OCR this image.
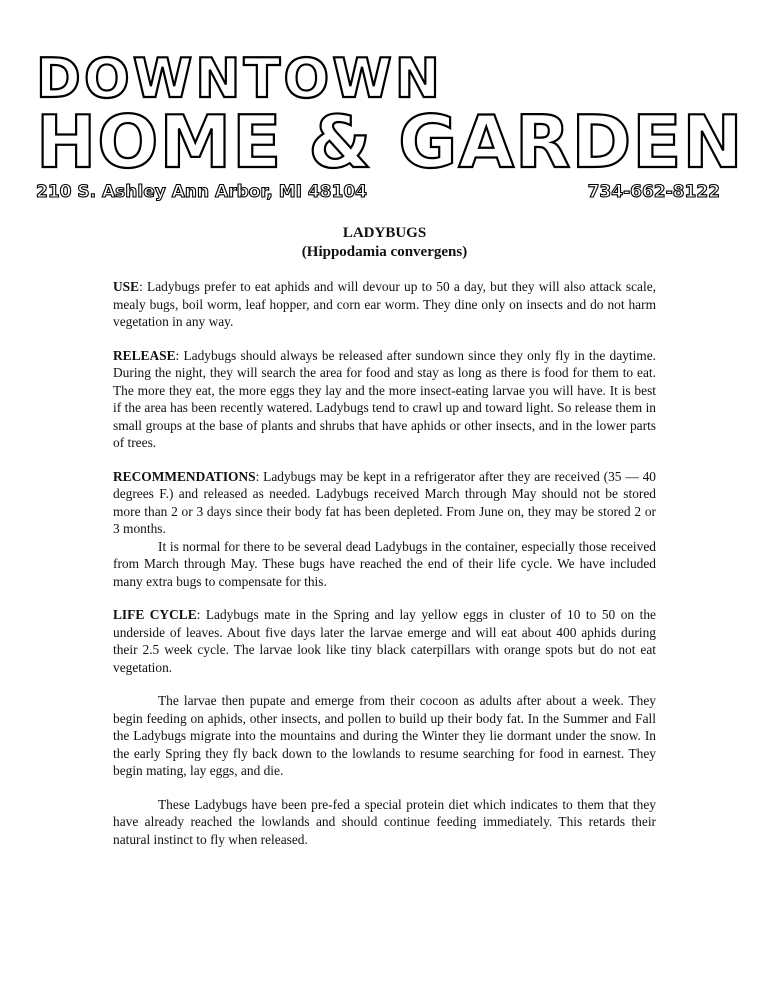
DOWNTOWN
HOME & GARDEN
210 S. Ashley Ann Arbor, MI 48104	734-662-8122
LADYBUGS
(Hippodamia convergens)

USE: Ladybugs prefer to eat aphids and will devour up to 50 a day, but they will also attack scale, mealy bugs, boil worm, leaf hopper, and corn ear worm. They dine only on insects and do not harm vegetation in any way.

RELEASE: Ladybugs should always be released after sundown since they only fly in the daytime. During the night, they will search the area for food and stay as long as there is food for them to eat. The more they eat, the more eggs they lay and the more insect-eating larvae you will have. It is best if the area has been recently watered. Ladybugs tend to crawl up and toward light. So release them in small groups at the base of plants and shrubs that have aphids or other insects, and in the lower parts of trees.

RECOMMENDATIONS: Ladybugs may be kept in a refrigerator after they are received (35 — 40 degrees F.) and released as needed. Ladybugs received March through May should not be stored more than 2 or 3 days since their body fat has been depleted. From June on, they may be stored 2 or 3 months.

It is normal for there to be several dead Ladybugs in the container, especially those received from March through May. These bugs have reached the end of their life cycle. We have included many extra bugs to compensate for this.

LIFE CYCLE: Ladybugs mate in the Spring and lay yellow eggs in cluster of 10 to 50 on the underside of leaves. About five days later the larvae emerge and will eat about 400 aphids during their 2.5 week cycle. The larvae look like tiny black caterpillars with orange spots but do not eat vegetation.

The larvae then pupate and emerge from their cocoon as adults after about a week. They begin feeding on aphids, other insects, and pollen to build up their body fat. In the Summer and Fall the Ladybugs migrate into the mountains and during the Winter they lie dormant under the snow. In the early Spring they fly back down to the lowlands to resume searching for food in earnest. They begin mating, lay eggs, and die.

These Ladybugs have been pre-fed a special protein diet which indicates to them that they have already reached the lowlands and should continue feeding immediately. This retards their natural instinct to fly when released.
